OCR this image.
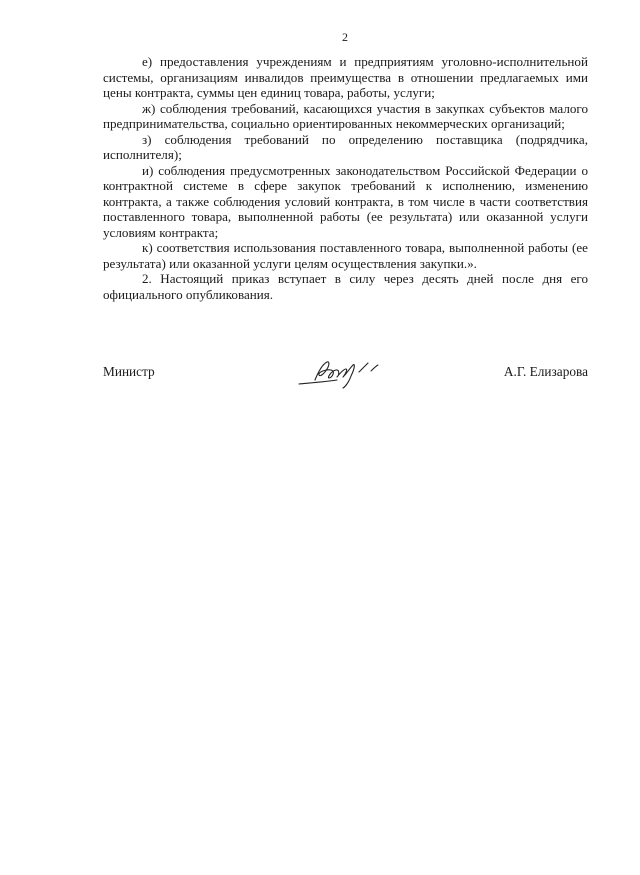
2

е) предоставления учреждениям и предприятиям уголовно-исполнительной системы, организациям инвалидов преимущества в отношении предлагаемых ими цены контракта, суммы цен единиц товара, работы, услуги;

ж) соблюдения требований, касающихся участия в закупках субъектов малого предпринимательства, социально ориентированных некоммерческих организаций;

з) соблюдения требований по определению поставщика (подрядчика, исполнителя);

и) соблюдения предусмотренных законодательством Российской Федерации о контрактной системе в сфере закупок требований к исполнению, изменению контракта, а также соблюдения условий контракта, в том числе в части соответствия поставленного товара, выполненной работы (ее результата) или оказанной услуги условиям контракта;

к) соответствия использования поставленного товара, выполненной работы (ее результата) или оказанной услуги целям осуществления закупки.».

2. Настоящий приказ вступает в силу через десять дней после дня его официального опубликования.

Министр	А.Г. Елизарова
